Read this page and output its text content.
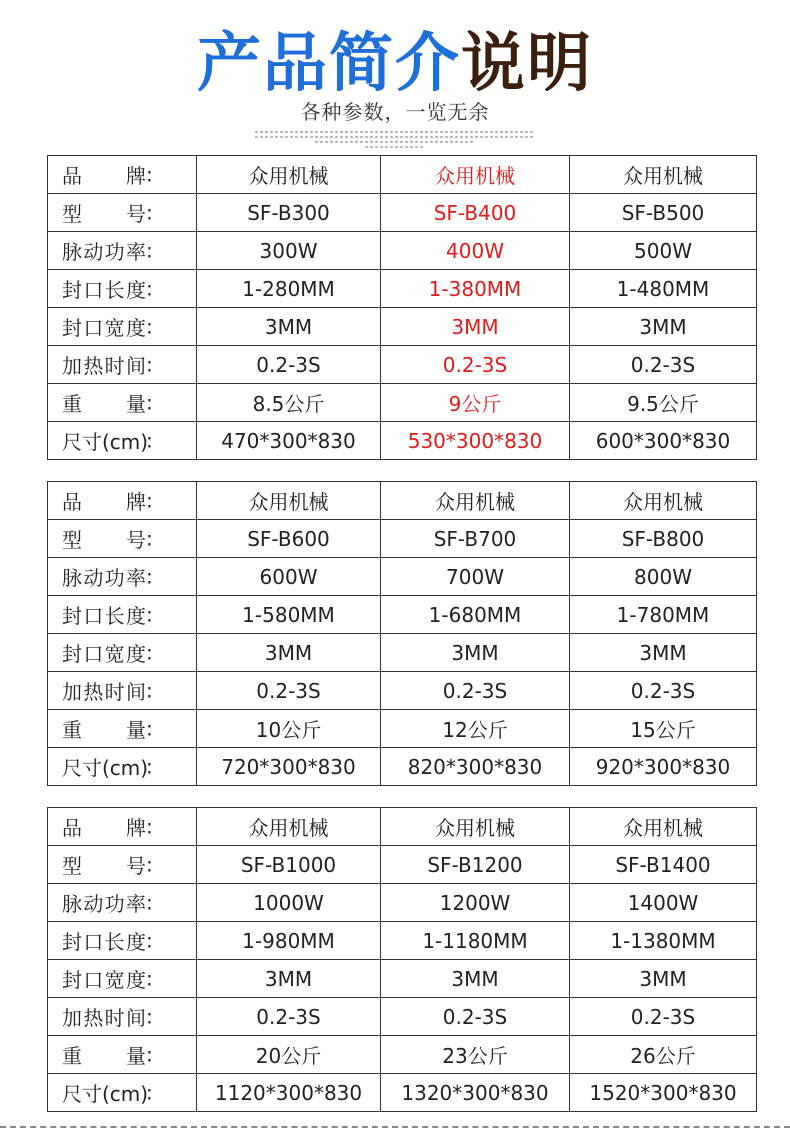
产品简介说明
各种参数，一览无余
品牌:	众用机械	众用机械	众用机械
型号:	SF-B300	SF-B400	SF-B500
脉动功率:	300W	400W	500W
封口长度:	1-280MM	1-380MM	1-480MM
封口宽度:	3MM	3MM	3MM
加热时间:	0.2-3S	0.2-3S	0.2-3S
重量:	8.5公斤	9公斤	9.5公斤
尺寸(cm):	470*300*830	530*300*830	600*300*830
品牌:	众用机械	众用机械	众用机械
型号:	SF-B600	SF-B700	SF-B800
脉动功率:	600W	700W	800W
封口长度:	1-580MM	1-680MM	1-780MM
封口宽度:	3MM	3MM	3MM
加热时间:	0.2-3S	0.2-3S	0.2-3S
重量:	10公斤	12公斤	15公斤
尺寸(cm):	720*300*830	820*300*830	920*300*830
品牌:	众用机械	众用机械	众用机械
型号:	SF-B1000	SF-B1200	SF-B1400
脉动功率:	1000W	1200W	1400W
封口长度:	1-980MM	1-1180MM	1-1380MM
封口宽度:	3MM	3MM	3MM
加热时间:	0.2-3S	0.2-3S	0.2-3S
重量:	20公斤	23公斤	26公斤
尺寸(cm):	1120*300*830	1320*300*830	1520*300*830
